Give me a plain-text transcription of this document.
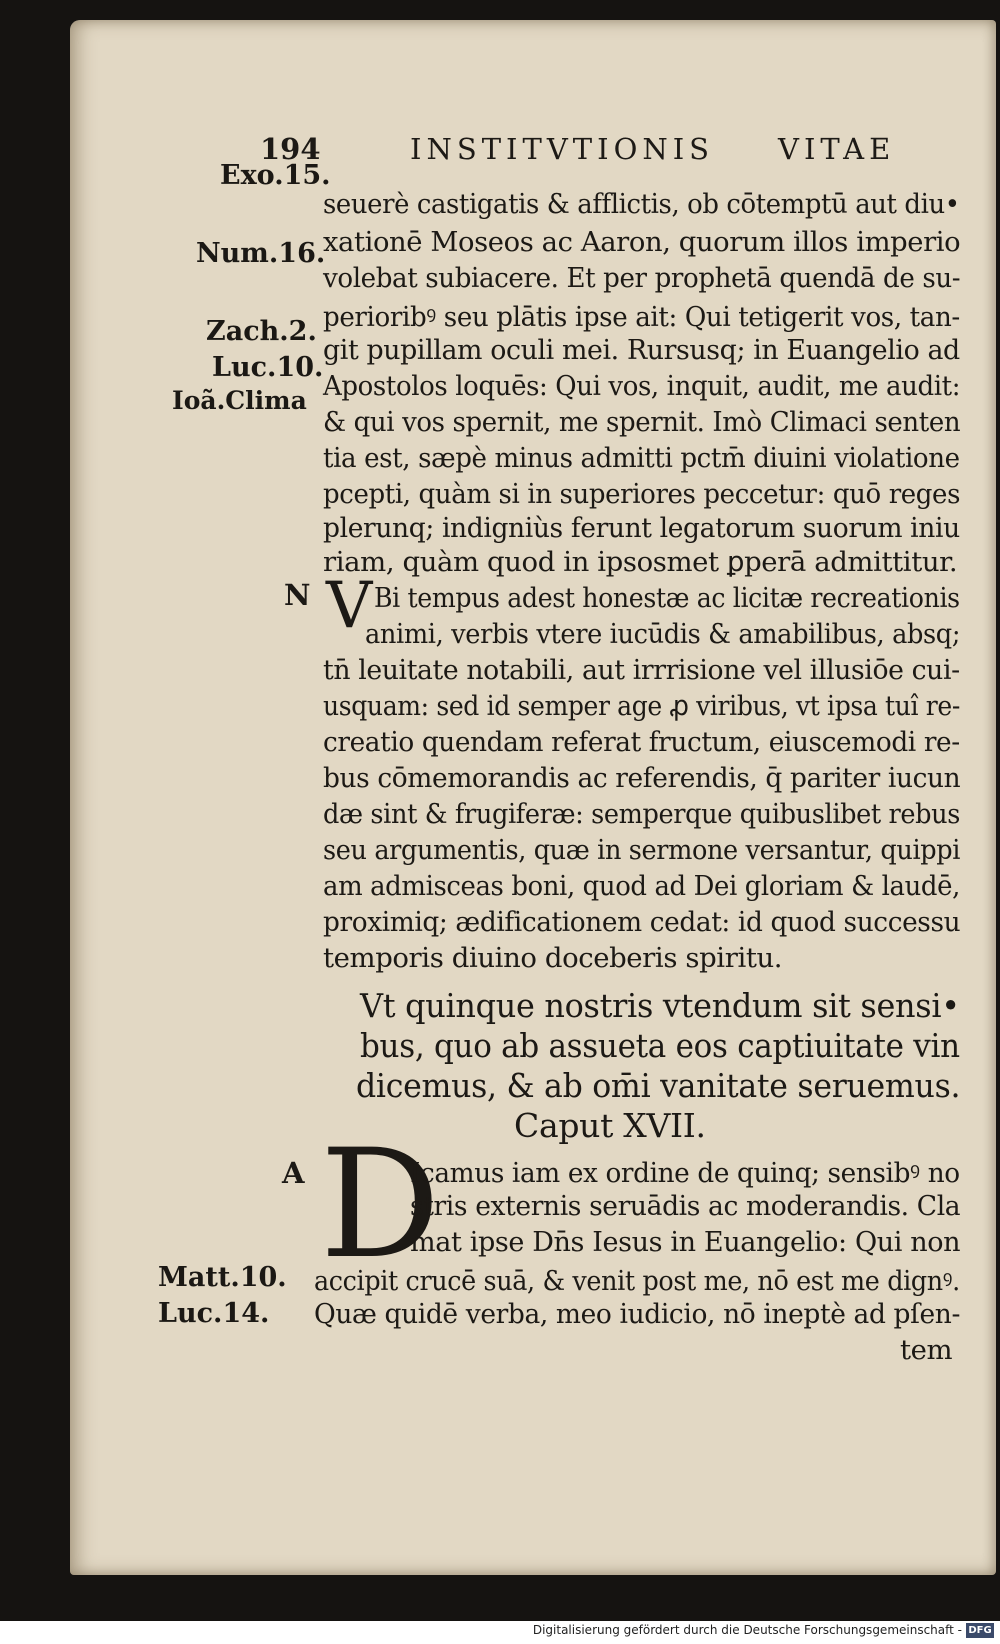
194	INSTITVTIONIS VITAE
Exo.15.
Num.16.
Zach.2.
Luc.10.
Ioã.Clima
Matt.10.
Luc.14.
seuerè castigatis & afflictis, ob cōtemptū aut diu•
xationē Moseos ac Aaron, quorum illos imperio
volebat subiacere. Et per prophetā quendā de su-
perioribꝰ seu plātis ipse ait: Qui tetigerit vos, tan-
git pupillam oculi mei. Rursusq; in Euangelio ad
Apostolos loquēs: Qui vos, inquit, audit, me audit:
& qui vos spernit, me spernit. Imò Climaci senten
tia est, sæpè minus admitti pctm̄ diuini violatione
pcepti, quàm si in superiores peccetur: quō reges
plerunq; indigniùs ferunt legatorum suorum iniu
riam, quàm quod in ipsosmet ꝑperā admittitur.
N V Bi tempus adest honestæ ac licitæ recreationis
animi, verbis vtere iucūdis & amabilibus, absq;
tn̄ leuitate notabili, aut irrrisione vel illusiōe cui-
usquam: sed id semper age ꝓ viribus, vt ipsa tuî re-
creatio quendam referat fructum, eiuscemodi re-
bus cōmemorandis ac referendis, q̄ pariter iucun
dæ sint & frugiferæ: semperque quibuslibet rebus
seu argumentis, quæ in sermone versantur, quippi
am admisceas boni, quod ad Dei gloriam & laudē,
proximiq; ædificationem cedat: id quod successu
temporis diuino doceberis spiritu.
Vt quinque nostris vtendum sit sensi•
bus, quo ab assueta eos captiuitate vin
dicemus, & ab om̄i vanitate seruemus.
Caput XVII.
A D
Icamus iam ex ordine de quinq; sensibꝰ no
stris externis seruādis ac moderandis. Cla
mat ipse Dn̄s Iesus in Euangelio: Qui non
accipit crucē suā, & venit post me, nō est me dignꝰ.
Quæ quidē verba, meo iudicio, nō ineptè ad pſen-
tem
Digitalisierung gefördert durch die Deutsche Forschungsgemeinschaft - DFG
